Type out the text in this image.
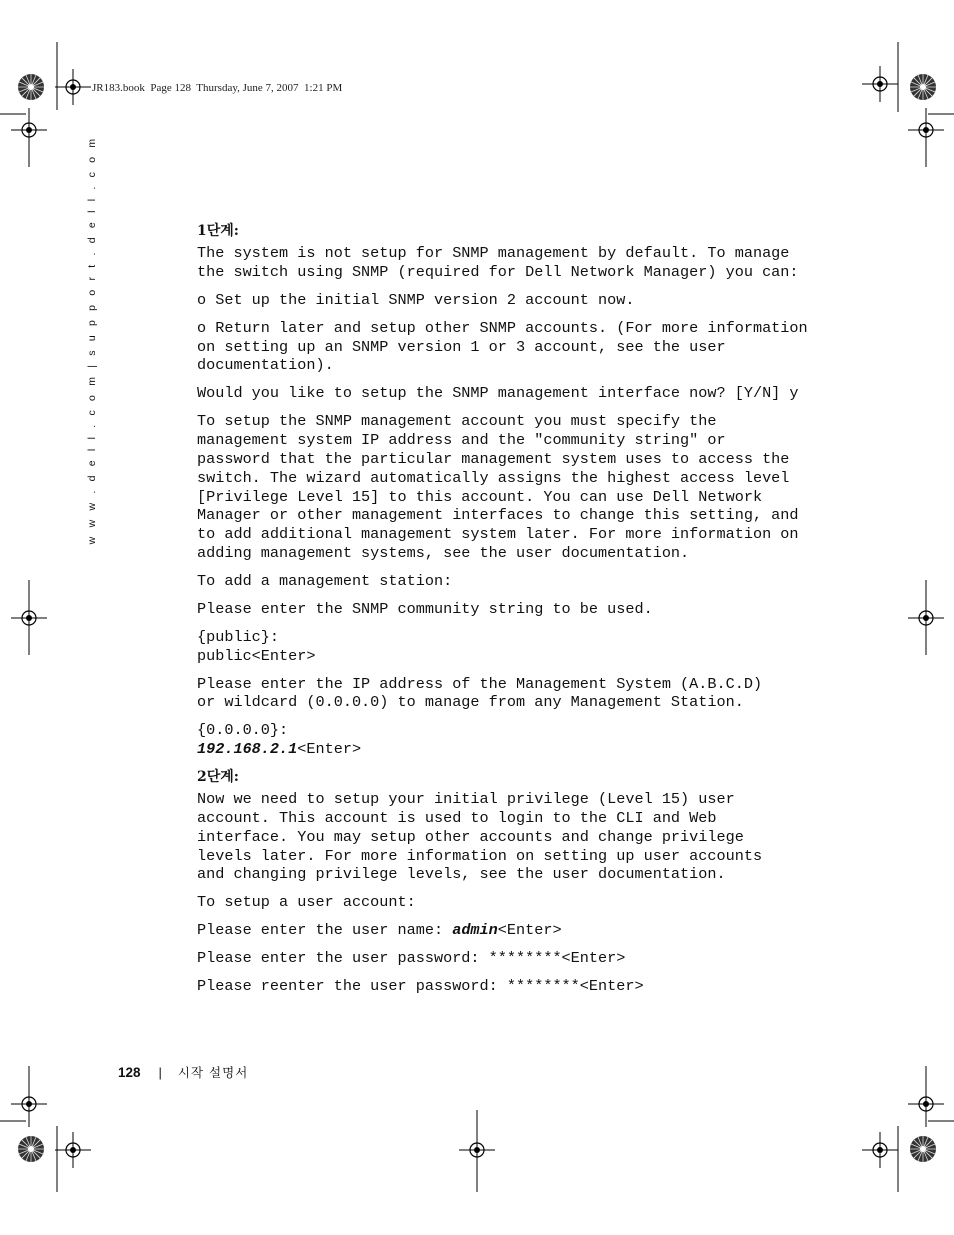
JR183.book  Page 128  Thursday, June 7, 2007  1:21 PM
w w w . d e l l . c o m | s u p p o r t . d e l l . c o m	1단계:
The system is not setup for SNMP management by default. To manage
the switch using SNMP (required for Dell Network Manager) you can:
o Set up the initial SNMP version 2 account now.
o Return later and setup other SNMP accounts. (For more information
on setting up an SNMP version 1 or 3 account, see the user
documentation).
Would you like to setup the SNMP management interface now? [Y/N] y
To setup the SNMP management account you must specify the
management system IP address and the "community string" or
password that the particular management system uses to access the
switch. The wizard automatically assigns the highest access level
[Privilege Level 15] to this account. You can use Dell Network
Manager or other management interfaces to change this setting, and
to add additional management system later. For more information on
adding management systems, see the user documentation.
To add a management station:
Please enter the SNMP community string to be used.
{public}:
public<Enter>
Please enter the IP address of the Management System (A.B.C.D)
or wildcard (0.0.0.0) to manage from any Management Station.
{0.0.0.0}:
192.168.2.1<Enter>
2단계:
Now we need to setup your initial privilege (Level 15) user
account. This account is used to login to the CLI and Web
interface. You may setup other accounts and change privilege
levels later. For more information on setting up user accounts
and changing privilege levels, see the user documentation.
To setup a user account:
Please enter the user name: admin<Enter>
Please enter the user password: ********<Enter>
Please reenter the user password: ********<Enter>
128 | 시작 설명서
